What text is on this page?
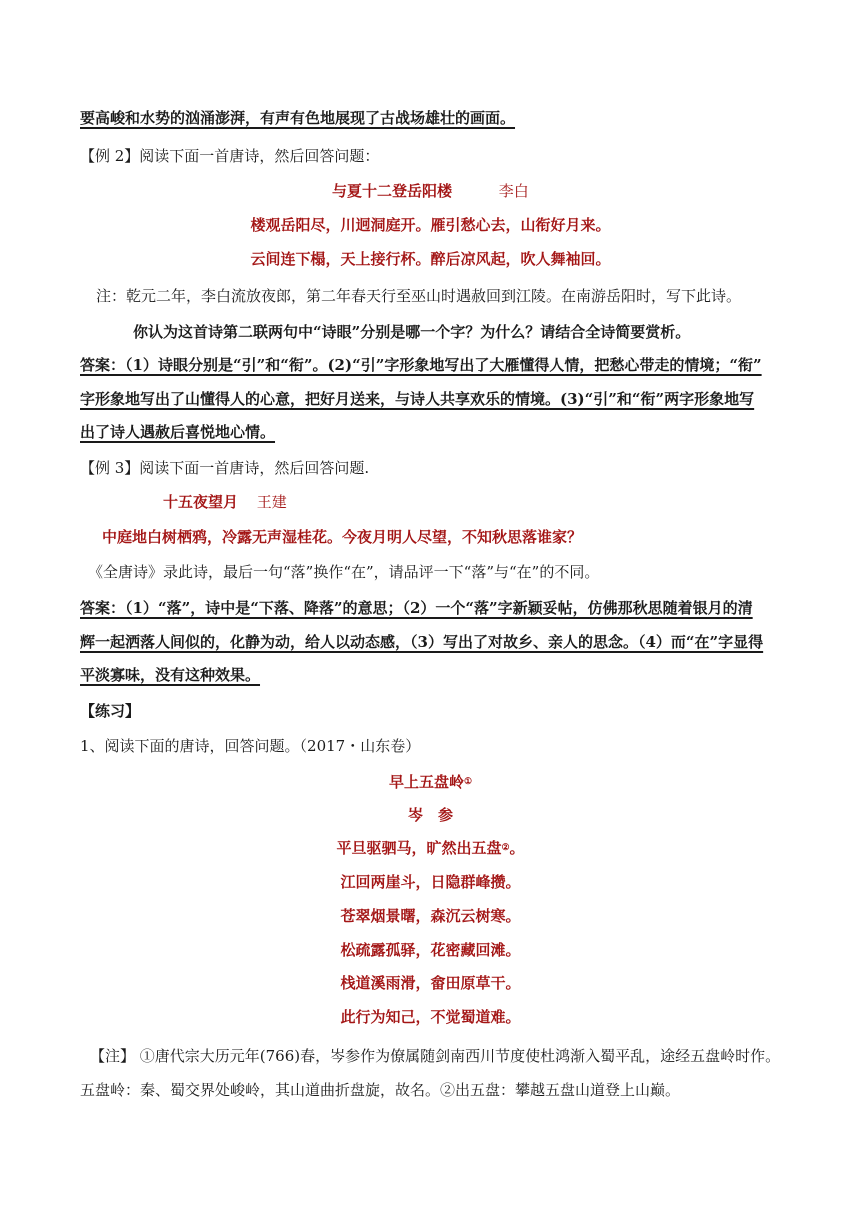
要高峻和水势的汹涌澎湃，有声有色地展现了古战场雄壮的画面。
【例 2】阅读下面一首唐诗，然后回答问题：
与夏十二登岳阳楼	李白
楼观岳阳尽，川迥洞庭开。雁引愁心去，山衔好月来。
云间连下榻，天上接行杯。醉后凉风起，吹人舞袖回。
注：乾元二年，李白流放夜郎，第二年春天行至巫山时遇赦回到江陵。在南游岳阳时，写下此诗。
你认为这首诗第二联两句中“诗眼”分别是哪一个字？为什么？请结合全诗简要赏析。
答案：（1）诗眼分别是“引”和“衔”。(2)“引”字形象地写出了大雁懂得人情，把愁心带走的情境；“衔”
字形象地写出了山懂得人的心意，把好月送来，与诗人共享欢乐的情境。(3)“引”和“衔”两字形象地写
出了诗人遇赦后喜悦地心情。
【例 3】阅读下面一首唐诗，然后回答问题.
十五夜望月 王建
中庭地白树栖鸦，冷露无声湿桂花。今夜月明人尽望，不知秋思落谁家？
《全唐诗》录此诗，最后一句“落”换作“在”，请品评一下“落”与“在”的不同。
答案：（1）“落”，诗中是“下落、降落”的意思；（2）一个“落”字新颖妥帖，仿佛那秋思随着银月的清
辉一起洒落人间似的，化静为动，给人以动态感，（3）写出了对故乡、亲人的思念。（4）而“在”字显得
平淡寡味，没有这种效果。
【练习】
1、阅读下面的唐诗，回答问题。（2017・山东卷）
早上五盘岭①
岑　参
平旦驱驷马，旷然出五盘②。
江回两崖斗，日隐群峰攒。
苍翠烟景曙，森沉云树寒。
松疏露孤驿，花密藏回滩。
栈道溪雨滑，畲田原草干。
此行为知己，不觉蜀道难。
【注】 ①唐代宗大历元年(766)春，岑参作为僚属随剑南西川节度使杜鸿渐入蜀平乱，途经五盘岭时作。
五盘岭：秦、蜀交界处峻岭，其山道曲折盘旋，故名。②出五盘：攀越五盘山道登上山巅。
